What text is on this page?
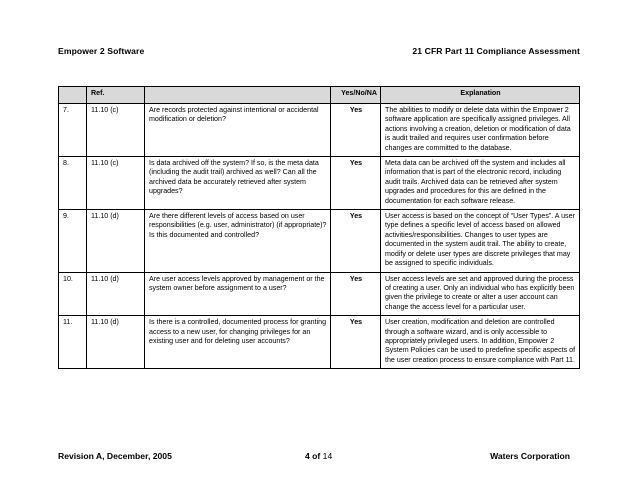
Empower 2 Software	21 CFR Part 11 Compliance Assessment
	Ref.		Yes/No/NA	Explanation
7.	11.10 (c)	Are records protected against intentional or accidental modification or deletion?	Yes	The abilities to modify or delete data within the Empower 2 software application are specifically assigned privileges. All actions involving a creation, deletion or modification of data is audit trailed and requires user confirmation before changes are committed to the database.
8.	11.10 (c)	Is data archived off the system? If so, is the meta data (including the audit trail) archived as well? Can all the archived data be accurately retrieved after system upgrades?	Yes	Meta data can be archived off the system and includes all information that is part of the electronic record, including audit trails. Archived data can be retrieved after system upgrades and procedures for this are defined in the documentation for each software release.
9.	11.10 (d)	Are there different levels of access based on user responsibilities (e.g. user, administrator) (if appropriate)? Is this documented and controlled?	Yes	User access is based on the concept of “User Types”. A user type defines a specific level of access based on allowed activities/responsibilities. Changes to user types are documented in the system audit trail. The ability to create, modify or delete user types are discrete privileges that may be assigned to specific individuals.
10.	11.10 (d)	Are user access levels approved by management or the system owner before assignment to a user?	Yes	User access levels are set and approved during the process of creating a user. Only an individual who has explicitly been given the privilege to create or alter a user account can change the access level for a particular user.
11.	11.10 (d)	Is there is a controlled, documented process for granting access to a new user, for changing privileges for an existing user and for deleting user accounts?	Yes	User creation, modification and deletion are controlled through a software wizard, and is only accessible to appropriately privileged users. In addition, Empower 2 System Policies can be used to predefine specific aspects of the user creation process to ensure compliance with Part 11.
Revision A, December, 2005	4 of 14	Waters Corporation
